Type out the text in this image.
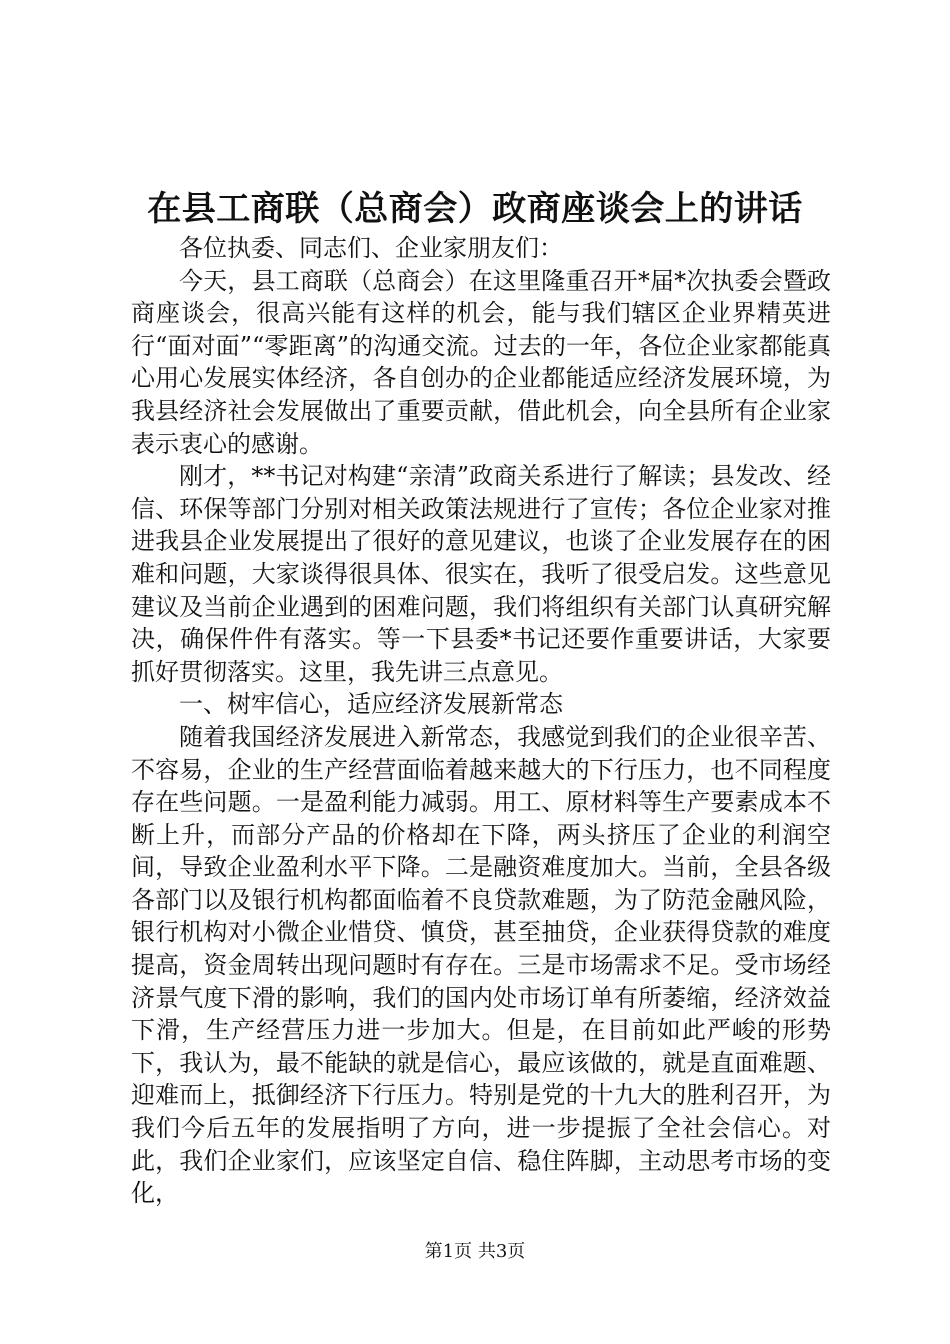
在县工商联（总商会）政商座谈会上的讲话

各位执委、同志们、企业家朋友们：

今天，县工商联（总商会）在这里隆重召开*届*次执委会暨政商座谈会，很高兴能有这样的机会，能与我们辖区企业界精英进行“面对面”“零距离”的沟通交流。过去的一年，各位企业家都能真心用心发展实体经济，各自创办的企业都能适应经济发展环境，为我县经济社会发展做出了重要贡献，借此机会，向全县所有企业家表示衷心的感谢。

刚才，**书记对构建“亲清”政商关系进行了解读；县发改、经信、环保等部门分别对相关政策法规进行了宣传；各位企业家对推进我县企业发展提出了很好的意见建议，也谈了企业发展存在的困难和问题，大家谈得很具体、很实在，我听了很受启发。这些意见建议及当前企业遇到的困难问题，我们将组织有关部门认真研究解决，确保件件有落实。等一下县委*书记还要作重要讲话，大家要抓好贯彻落实。这里，我先讲三点意见。

一、树牢信心，适应经济发展新常态

随着我国经济发展进入新常态，我感觉到我们的企业很辛苦、不容易，企业的生产经营面临着越来越大的下行压力，也不同程度存在些问题。一是盈利能力减弱。用工、原材料等生产要素成本不断上升，而部分产品的价格却在下降，两头挤压了企业的利润空间，导致企业盈利水平下降。二是融资难度加大。当前，全县各级各部门以及银行机构都面临着不良贷款难题，为了防范金融风险，银行机构对小微企业惜贷、慎贷，甚至抽贷，企业获得贷款的难度提高，资金周转出现问题时有存在。三是市场需求不足。受市场经济景气度下滑的影响，我们的国内处市场订单有所萎缩，经济效益下滑，生产经营压力进一步加大。但是，在目前如此严峻的形势下，我认为，最不能缺的就是信心，最应该做的，就是直面难题、迎难而上，抵御经济下行压力。特别是党的十九大的胜利召开，为我们今后五年的发展指明了方向，进一步提振了全社会信心。对此，我们企业家们，应该坚定自信、稳住阵脚，主动思考市场的变化，

第1页 共3页
